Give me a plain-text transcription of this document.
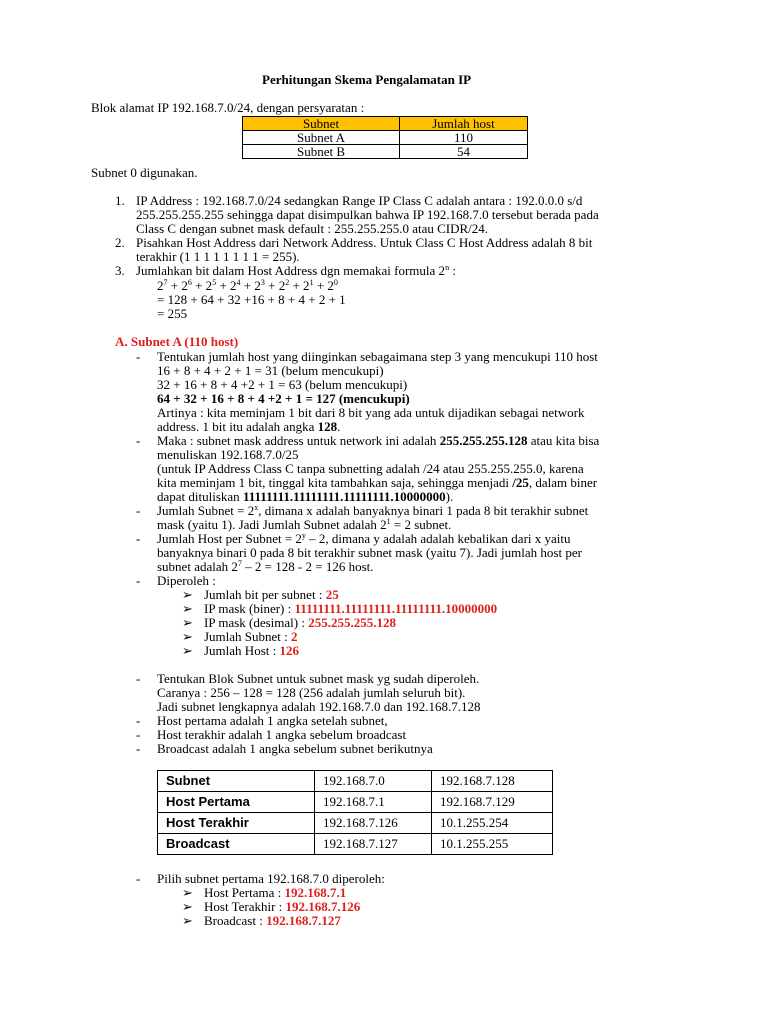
Perhitungan Skema Pengalamatan IP
Blok alamat IP 192.168.7.0/24, dengan persyaratan :
Subnet	Jumlah host
Subnet A	110
Subnet B	54
Subnet 0 digunakan.
1. IP Address : 192.168.7.0/24 sedangkan Range IP Class C adalah antara : 192.0.0.0 s/d
255.255.255.255 sehingga dapat disimpulkan bahwa IP 192.168.7.0 tersebut berada pada
Class C dengan subnet mask default : 255.255.255.0 atau CIDR/24.
2. Pisahkan Host Address dari Network Address. Untuk Class C Host Address adalah 8 bit
terakhir (1 1 1 1 1 1 1 1 = 255).
3. Jumlahkan bit dalam Host Address dgn memakai formula 2$^n$ :
$2^7 + 2^6 + 2^5 + 2^4 + 2^3 + 2^2 + 2^1 + 2^0$
= 128 + 64 + 32 +16 + 8 + 4 + 2 + 1
= 255
A. Subnet A (110 host)
- Tentukan jumlah host yang diinginkan sebagaimana step 3 yang mencukupi 110 host
16 + 8 + 4 + 2 + 1 = 31 (belum mencukupi)
32 + 16 + 8 + 4 +2 + 1 = 63 (belum mencukupi)
64 + 32 + 16 + 8 + 4 +2 + 1 = 127 (mencukupi)
Artinya : kita meminjam 1 bit dari 8 bit yang ada untuk dijadikan sebagai network
address. 1 bit itu adalah angka 128.
- Maka : subnet mask address untuk network ini adalah 255.255.255.128 atau kita bisa
menuliskan 192.168.7.0/25
(untuk IP Address Class C tanpa subnetting adalah /24 atau 255.255.255.0, karena
kita meminjam 1 bit, tinggal kita tambahkan saja, sehingga menjadi /25, dalam biner
dapat dituliskan 11111111.11111111.11111111.10000000).
- Jumlah Subnet = $2^x$, dimana x adalah banyaknya binari 1 pada 8 bit terakhir subnet
mask (yaitu 1). Jadi Jumlah Subnet adalah $2^1 = 2$ subnet.
- Jumlah Host per Subnet = $2^y - 2$, dimana y adalah adalah kebalikan dari x yaitu
banyaknya binari 0 pada 8 bit terakhir subnet mask (yaitu 7). Jadi jumlah host per
subnet adalah $2^7 - 2 = 128 - 2 = 126$ host.
- Diperoleh :
➢ Jumlah bit per subnet : 25
➢ IP mask (biner) : 11111111.11111111.11111111.10000000
➢ IP mask (desimal) : 255.255.255.128
➢ Jumlah Subnet : 2
➢ Jumlah Host : 126
- Tentukan Blok Subnet untuk subnet mask yg sudah diperoleh.
Caranya : 256 – 128 = 128 (256 adalah jumlah seluruh bit).
Jadi subnet lengkapnya adalah 192.168.7.0 dan 192.168.7.128
- Host pertama adalah 1 angka setelah subnet,
- Host terakhir adalah 1 angka sebelum broadcast
- Broadcast adalah 1 angka sebelum subnet berikutnya
Subnet	192.168.7.0	192.168.7.128
Host Pertama	192.168.7.1	192.168.7.129
Host Terakhir	192.168.7.126	10.1.255.254
Broadcast	192.168.7.127	10.1.255.255
- Pilih subnet pertama 192.168.7.0 diperoleh:
➢ Host Pertama : 192.168.7.1
➢ Host Terakhir : 192.168.7.126
➢ Broadcast : 192.168.7.127
